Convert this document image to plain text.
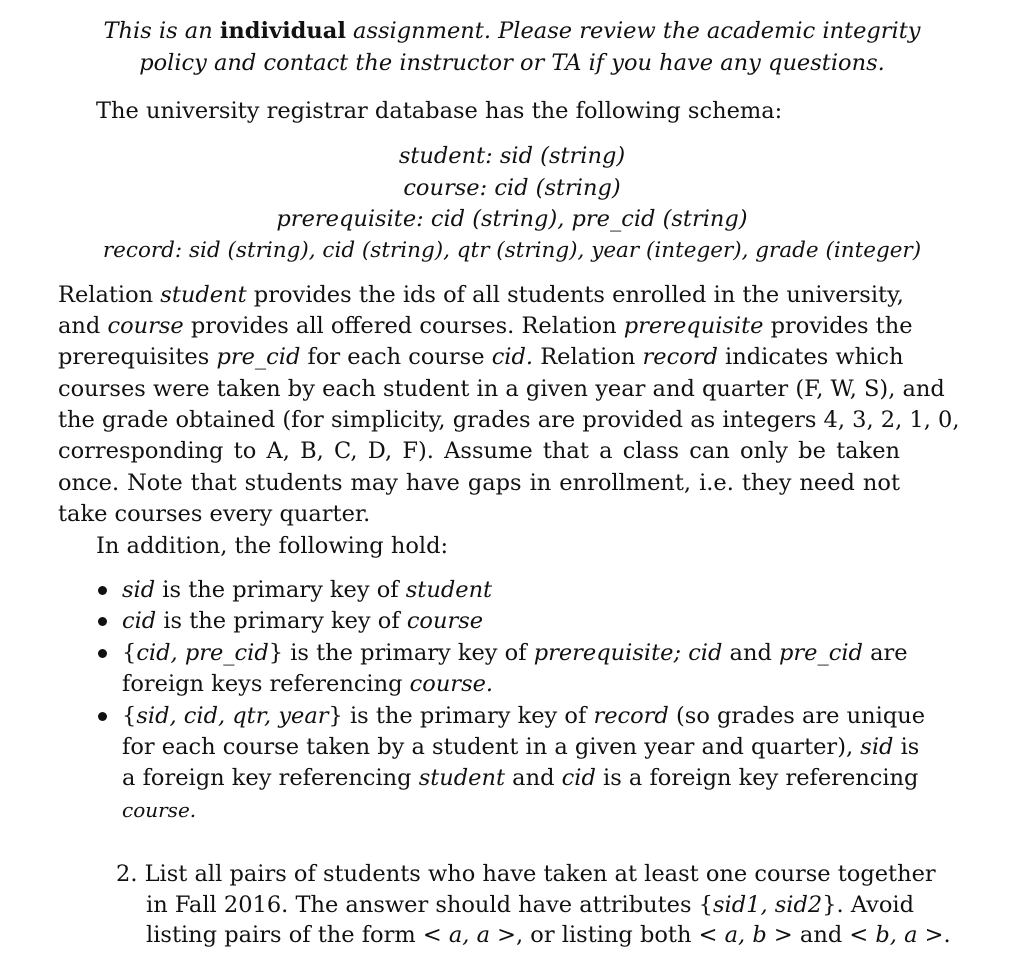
This is an individual assignment. Please review the academic integrity
policy and contact the instructor or TA if you have any questions.
The university registrar database has the following schema:
student: sid (string)
course: cid (string)
prerequisite: cid (string), pre_cid (string)
record: sid (string), cid (string), qtr (string), year (integer), grade (integer)
Relation student provides the ids of all students enrolled in the university,
and course provides all offered courses. Relation prerequisite provides the
prerequisites pre_cid for each course cid. Relation record indicates which
courses were taken by each student in a given year and quarter (F, W, S), and
the grade obtained (for simplicity, grades are provided as integers 4, 3, 2, 1, 0,
corresponding to A, B, C, D, F). Assume that a class can only be taken
once. Note that students may have gaps in enrollment, i.e. they need not
take courses every quarter.
In addition, the following hold:
sid is the primary key of student
cid is the primary key of course
{cid, pre_cid} is the primary key of prerequisite; cid and pre_cid are
foreign keys referencing course.
{sid, cid, qtr, year} is the primary key of record (so grades are unique
for each course taken by a student in a given year and quarter), sid is
a foreign key referencing student and cid is a foreign key referencing
course.
2. List all pairs of students who have taken at least one course together
in Fall 2016. The answer should have attributes {sid1, sid2}. Avoid
listing pairs of the form < a, a >, or listing both < a, b > and < b, a >.
